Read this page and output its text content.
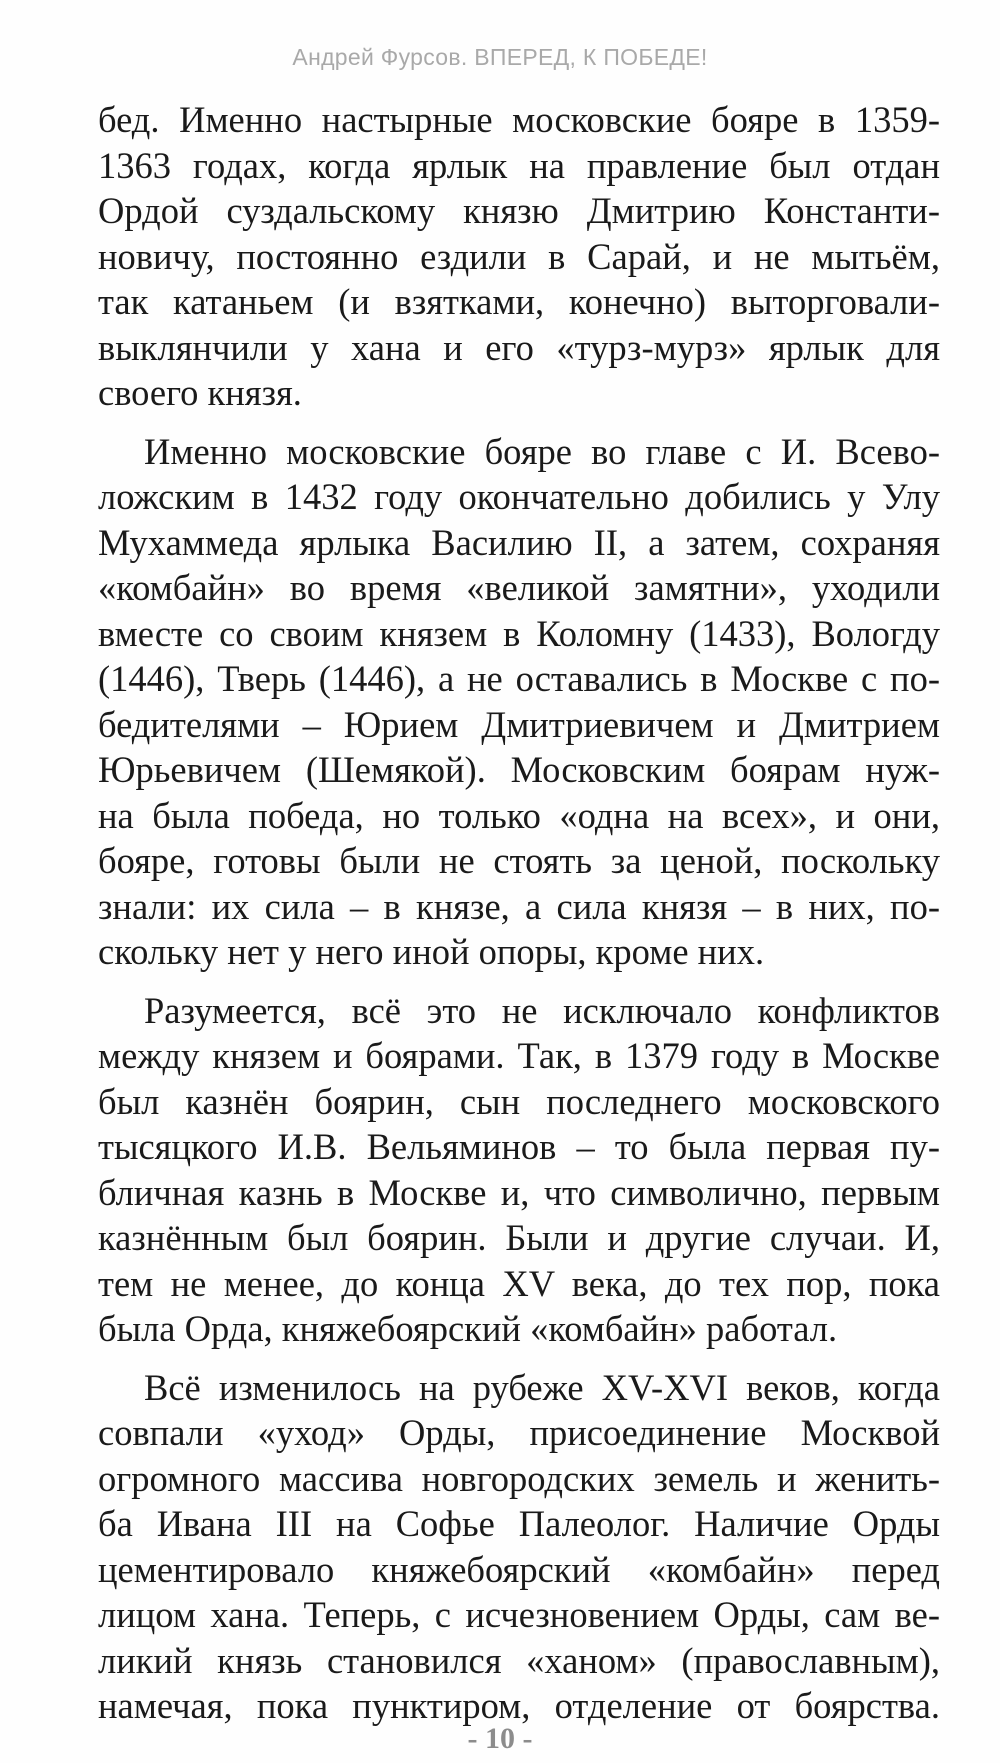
Андрей Фурсов. ВПЕРЕД, К ПОБЕДЕ!
бед. Именно настырные московские бояре в 1359-
1363 годах, когда ярлык на правление был отдан
Ордой суздальскому князю Дмитрию Константи-
новичу, постоянно ездили в Сарай, и не мытьём,
так катаньем (и взятками, конечно) выторговали-
выклянчили у хана и его «турз-мурз» ярлык для
своего князя.
Именно московские бояре во главе с И. Всево-
ложским в 1432 году окончательно добились у Улу
Мухаммеда ярлыка Василию II, а затем, сохраняя
«комбайн» во время «великой замятни», уходили
вместе со своим князем в Коломну (1433), Вологду
(1446), Тверь (1446), а не оставались в Москве с по-
бедителями – Юрием Дмитриевичем и Дмитрием
Юрьевичем (Шемякой). Московским боярам нуж-
на была победа, но только «одна на всех», и они,
бояре, готовы были не стоять за ценой, поскольку
знали: их сила – в князе, а сила князя – в них, по-
скольку нет у него иной опоры, кроме них.
Разумеется, всё это не исключало конфликтов
между князем и боярами. Так, в 1379 году в Москве
был казнён боярин, сын последнего московского
тысяцкого И.В. Вельяминов – то была первая пу-
бличная казнь в Москве и, что символично, первым
казнённым был боярин. Были и другие случаи. И,
тем не менее, до конца XV века, до тех пор, пока
была Орда, княжебоярский «комбайн» работал.
Всё изменилось на рубеже XV-XVI веков, когда
совпали «уход» Орды, присоединение Москвой
огромного массива новгородских земель и женить-
ба Ивана III на Софье Палеолог. Наличие Орды
цементировало княжебоярский «комбайн» перед
лицом хана. Теперь, с исчезновением Орды, сам ве-
ликий князь становился «ханом» (православным),
намечая, пока пунктиром, отделение от боярства.
- 10 -
